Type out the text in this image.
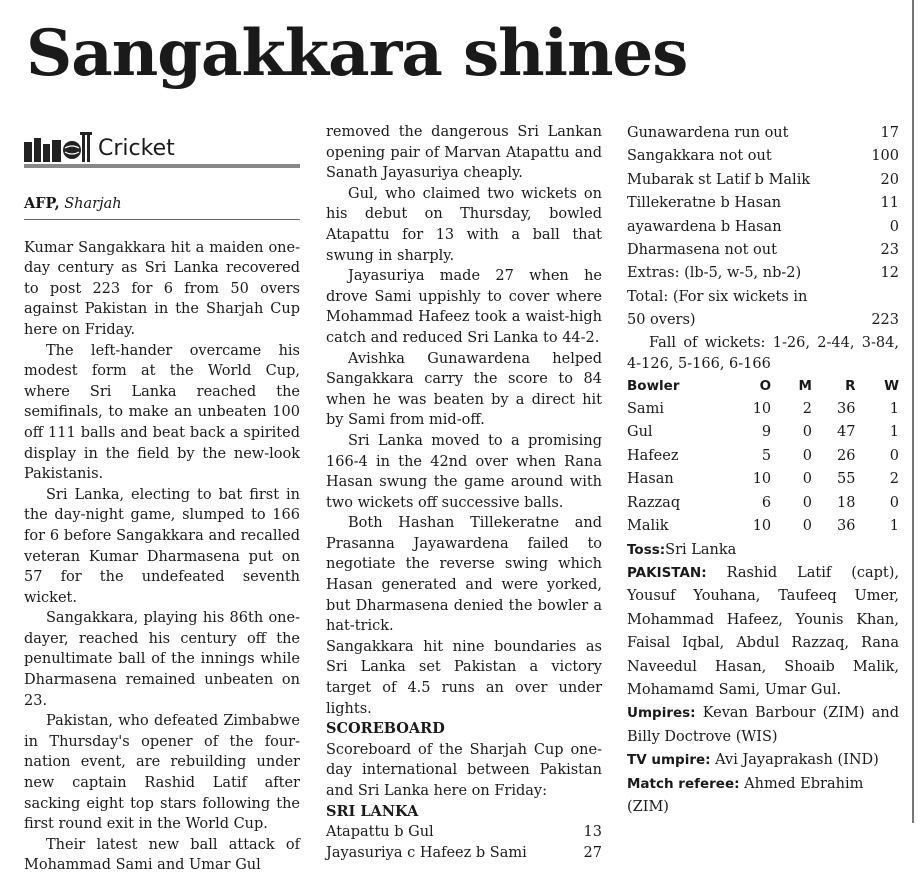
Sangakkara shines
Cricket
AFP, Sharjah

Kumar Sangakkara hit a maiden one-day century as Sri Lanka recovered to post 223 for 6 from 50 overs against Pakistan in the Sharjah Cup here on Friday.

The left-hander overcame his modest form at the World Cup, where Sri Lanka reached the semifinals, to make an unbeaten 100 off 111 balls and beat back a spirited display in the field by the new-look Pakistanis.

Sri Lanka, electing to bat first in the day-night game, slumped to 166 for 6 before Sangakkara and recalled veteran Kumar Dharmasena put on 57 for the undefeated seventh wicket.

Sangakkara, playing his 86th one-dayer, reached his century off the penultimate ball of the innings while Dharmasena remained unbeaten on 23.

Pakistan, who defeated Zimbabwe in Thursday's opener of the four-nation event, are rebuilding under new captain Rashid Latif after sacking eight top stars following the first round exit in the World Cup.

Their latest new ball attack of Mohammad Sami and Umar Gul

removed the dangerous Sri Lankan opening pair of Marvan Atapattu and Sanath Jayasuriya cheaply.

Gul, who claimed two wickets on his debut on Thursday, bowled Atapattu for 13 with a ball that swung in sharply.

Jayasuriya made 27 when he drove Sami uppishly to cover where Mohammad Hafeez took a waist-high catch and reduced Sri Lanka to 44-2.

Avishka Gunawardena helped Sangakkara carry the score to 84 when he was beaten by a direct hit by Sami from mid-off.

Sri Lanka moved to a promising 166-4 in the 42nd over when Rana Hasan swung the game around with two wickets off successive balls.

Both Hashan Tillekeratne and Prasanna Jayawardena failed to negotiate the reverse swing which Hasan generated and were yorked, but Dharmasena denied the bowler a hat-trick.

Sangakkara hit nine boundaries as Sri Lanka set Pakistan a victory target of 4.5 runs an over under lights.

SCOREBOARD

Scoreboard of the Sharjah Cup one-day international between Pakistan and Sri Lanka here on Friday:

SRI LANKA
Atapattu b Gul	13
Jayasuriya c Hafeez b Sami	27
Gunawardena run out	17
Sangakkara not out	100
Mubarak st Latif b Malik	20
Tillekeratne b Hasan	11
ayawardena b Hasan	0
Dharmasena not out	23
Extras: (lb-5, w-5, nb-2)	12
Total: (For six wickets in
50 overs)	223

Fall of wickets: 1-26, 2-44, 3-84, 4-126, 5-166, 6-166

Bowler	O	M	R	W
Sami	10	2	36	1
Gul	9	0	47	1
Hafeez	5	0	26	0
Hasan	10	0	55	2
Razzaq	6	0	18	0
Malik	10	0	36	1
Toss:Sri Lanka

PAKISTAN: Rashid Latif (capt), Yousuf Youhana, Taufeeq Umer, Mohammad Hafeez, Younis Khan, Faisal Iqbal, Abdul Razzaq, Rana Naveedul Hasan, Shoaib Malik, Mohamamd Sami, Umar Gul.

Umpires: Kevan Barbour (ZIM) and Billy Doctrove (WIS)

TV umpire: Avi Jayaprakash (IND)
Match referee: Ahmed Ebrahim (ZIM)
